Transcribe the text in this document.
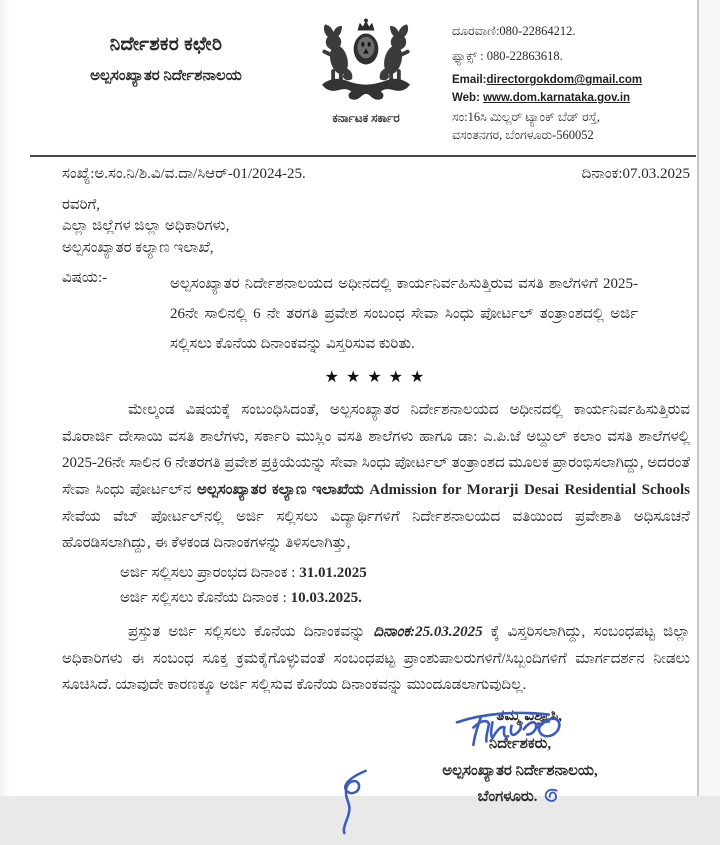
ನಿರ್ದೇಶಕರ ಕಛೇರಿ
ಅಲ್ಪಸಂಖ್ಯಾತರ ನಿರ್ದೇಶನಾಲಯ
ಕರ್ನಾಟಕ ಸರ್ಕಾರ
ದೂರವಾಣಿ:080-22864212.
ಫ್ಯಾಕ್ಸ್ : 080-22863618.
Email:directorgokdom@gmail.com
Web: www.dom.karnataka.gov.in
ಸಂ:16ಸಿ ಮಿಲ್ಲರ್ ಟ್ಯಾಂಕ್ ಬೆಡ್ ರಸ್ತೆ,
ವಸಂತನಗರ, ಬೆಂಗಳೂರು-560052
ಸಂಖ್ಯೆ:ಅ.ಸಂ.ನಿ/ಶಿ.ವಿ/ವ.ದಾ/ಸಿಆರ್-01/2024-25.	ದಿನಾಂಕ:07.03.2025
ರವರಿಗೆ,
ಎಲ್ಲಾ ಜಿಲ್ಲೆಗಳ ಜಿಲ್ಲಾ ಅಧಿಕಾರಿಗಳು,
ಅಲ್ಪಸಂಖ್ಯಾತರ ಕಲ್ಯಾಣ ಇಲಾಖೆ,
ವಿಷಯ:-	ಅಲ್ಪಸಂಖ್ಯಾತರ ನಿರ್ದೇಶನಾಲಯದ ಅಧೀನದಲ್ಲಿ ಕಾರ್ಯನಿರ್ವಹಿಸುತ್ತಿರುವ ವಸತಿ ಶಾಲೆಗಳಿಗೆ 2025-26ನೇ ಸಾಲಿನಲ್ಲಿ 6 ನೇ ತರಗತಿ ಪ್ರವೇಶ ಸಂಬಂಧ ಸೇವಾ ಸಿಂಧು ಪೋರ್ಟಲ್ ತಂತ್ರಾಂಶದಲ್ಲಿ ಅರ್ಜಿ ಸಲ್ಲಿಸಲು ಕೊನೆಯ ದಿನಾಂಕವನ್ನು ವಿಸ್ತರಿಸುವ ಕುರಿತು.
★★★★★
ಮೇಲ್ಕಂಡ ವಿಷಯಕ್ಕೆ ಸಂಬಂಧಿಸಿದಂತೆ, ಅಲ್ಪಸಂಖ್ಯಾತರ ನಿರ್ದೇಶನಾಲಯದ ಅಧೀನದಲ್ಲಿ ಕಾರ್ಯನಿರ್ವಹಿಸುತ್ತಿರುವ ಮೊರಾರ್ಜಿ ದೇಸಾಯಿ ವಸತಿ ಶಾಲೆಗಳು, ಸರ್ಕಾರಿ ಮುಸ್ಲಿಂ ವಸತಿ ಶಾಲೆಗಳು ಹಾಗೂ ಡಾ: ಎ.ಪಿ.ಜೆ ಅಬ್ದುಲ್ ಕಲಾಂ ವಸತಿ ಶಾಲೆಗಳಲ್ಲಿ 2025-26ನೇ ಸಾಲಿನ 6 ನೇತರಗತಿ ಪ್ರವೇಶ ಪ್ರಕ್ರಿಯೆಯನ್ನು ಸೇವಾ ಸಿಂಧು ಪೋರ್ಟಲ್ ತಂತ್ರಾಂಶದ ಮೂಲಕ ಪ್ರಾರಂಭಿಸಲಾಗಿದ್ದು, ಅದರಂತೆ ಸೇವಾ ಸಿಂಧು ಪೋರ್ಟಲ್‌ನ ಅಲ್ಪಸಂಖ್ಯಾತರ ಕಲ್ಯಾಣ ಇಲಾಖೆಯ Admission for Morarji Desai Residential Schools ಸೇವೆಯ ವೆಬ್ ಪೋರ್ಟಲ್‌ನಲ್ಲಿ ಅರ್ಜಿ ಸಲ್ಲಿಸಲು ವಿದ್ಯಾರ್ಥಿಗಳಿಗೆ ನಿರ್ದೇಶನಾಲಯದ ವತಿಯಿಂದ ಪ್ರವೇಶಾತಿ ಅಧಿಸೂಚನೆ ಹೊರಡಿಸಲಾಗಿದ್ದು, ಈ ಕೆಳಕಂಡ ದಿನಾಂಕಗಳನ್ನು ತಿಳಿಸಲಾಗಿತ್ತು,
ಅರ್ಜಿ ಸಲ್ಲಿಸಲು ಪ್ರಾರಂಭದ ದಿನಾಂಕ : 31.01.2025
ಅರ್ಜಿ ಸಲ್ಲಿಸಲು ಕೊನೆಯ ದಿನಾಂಕ : 10.03.2025.
ಪ್ರಸ್ತುತ ಅರ್ಜಿ ಸಲ್ಲಿಸಲು ಕೊನೆಯ ದಿನಾಂಕವನ್ನು ದಿನಾಂಕ:25.03.2025 ಕ್ಕೆ ವಿಸ್ತರಿಸಲಾಗಿದ್ದು, ಸಂಬಂಧಪಟ್ಟ ಜಿಲ್ಲಾ ಅಧಿಕಾರಿಗಳು ಈ ಸಂಬಂಧ ಸೂಕ್ತ ಕ್ರಮಕೈಗೊಳ್ಳುವಂತೆ ಸಂಬಂಧಪಟ್ಟ ಪ್ರಾಂಶುಪಾಲರುಗಳಿಗೆ/ಸಿಬ್ಬಂದಿಗಳಿಗೆ ಮಾರ್ಗದರ್ಶನ ನೀಡಲು ಸೂಚಿಸಿದೆ. ಯಾವುದೇ ಕಾರಣಕ್ಕೂ ಅರ್ಜಿ ಸಲ್ಲಿಸುವ ಕೊನೆಯ ದಿನಾಂಕವನ್ನು ಮುಂದೂಡಲಾಗುವುದಿಲ್ಲ.
ತಮ್ಮ ವಿಶ್ವಾಸಿ,
ನಿರ್ದೇಶಕರು,
ಅಲ್ಪಸಂಖ್ಯಾತರ ನಿರ್ದೇಶನಾಲಯ,
ಬೆಂಗಳೂರು.
